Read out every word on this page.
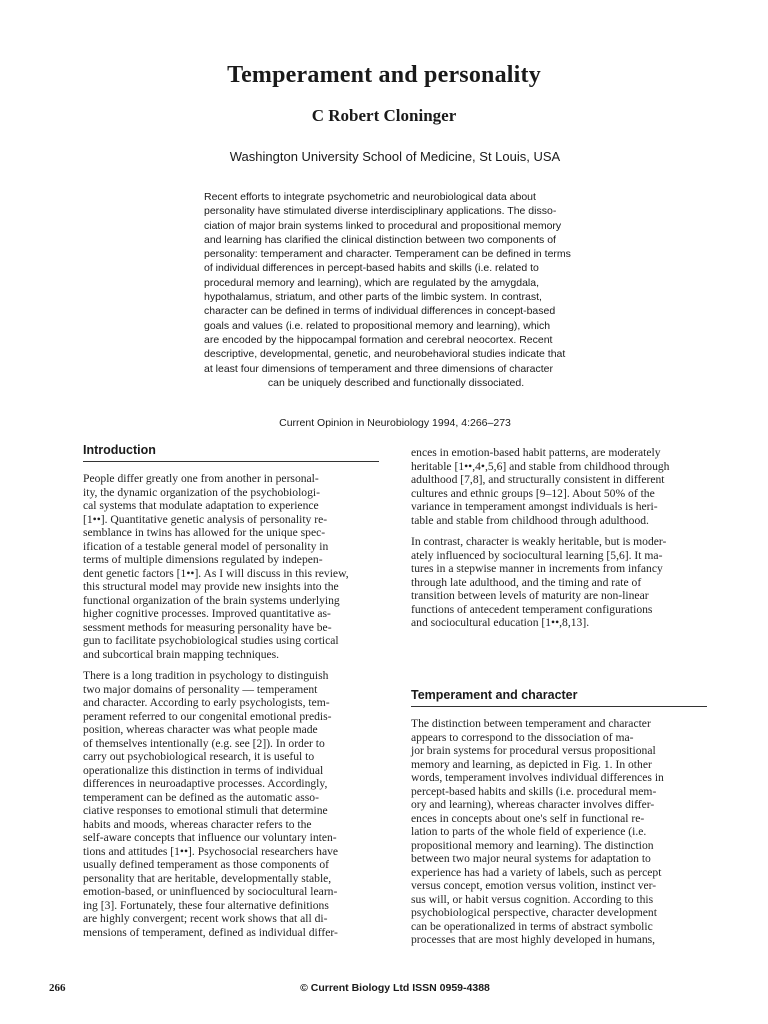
Temperament and personality
C Robert Cloninger
Washington University School of Medicine, St Louis, USA
Recent efforts to integrate psychometric and neurobiological data about
personality have stimulated diverse interdisciplinary applications. The disso-
ciation of major brain systems linked to procedural and propositional memory
and learning has clarified the clinical distinction between two components of
personality: temperament and character. Temperament can be defined in terms
of individual differences in percept-based habits and skills (i.e. related to
procedural memory and learning), which are regulated by the amygdala,
hypothalamus, striatum, and other parts of the limbic system. In contrast,
character can be defined in terms of individual differences in concept-based
goals and values (i.e. related to propositional memory and learning), which
are encoded by the hippocampal formation and cerebral neocortex. Recent
descriptive, developmental, genetic, and neurobehavioral studies indicate that
at least four dimensions of temperament and three dimensions of character
can be uniquely described and functionally dissociated.
Current Opinion in Neurobiology 1994, 4:266–273
Introduction
People differ greatly one from another in personal-
ity, the dynamic organization of the psychobiologi-
cal systems that modulate adaptation to experience
[1••]. Quantitative genetic analysis of personality re-
semblance in twins has allowed for the unique spec-
ification of a testable general model of personality in
terms of multiple dimensions regulated by indepen-
dent genetic factors [1••]. As I will discuss in this review,
this structural model may provide new insights into the
functional organization of the brain systems underlying
higher cognitive processes. Improved quantitative as-
sessment methods for measuring personality have be-
gun to facilitate psychobiological studies using cortical
and subcortical brain mapping techniques.
There is a long tradition in psychology to distinguish
two major domains of personality — temperament
and character. According to early psychologists, tem-
perament referred to our congenital emotional predis-
position, whereas character was what people made
of themselves intentionally (e.g. see [2]). In order to
carry out psychobiological research, it is useful to
operationalize this distinction in terms of individual
differences in neuroadaptive processes. Accordingly,
temperament can be defined as the automatic asso-
ciative responses to emotional stimuli that determine
habits and moods, whereas character refers to the
self-aware concepts that influence our voluntary inten-
tions and attitudes [1••]. Psychosocial researchers have
usually defined temperament as those components of
personality that are heritable, developmentally stable,
emotion-based, or uninfluenced by sociocultural learn-
ing [3]. Fortunately, these four alternative definitions
are highly convergent; recent work shows that all di-
mensions of temperament, defined as individual differ-
ences in emotion-based habit patterns, are moderately
heritable [1••,4•,5,6] and stable from childhood through
adulthood [7,8], and structurally consistent in different
cultures and ethnic groups [9–12]. About 50% of the
variance in temperament amongst individuals is heri-
table and stable from childhood through adulthood.
In contrast, character is weakly heritable, but is moder-
ately influenced by sociocultural learning [5,6]. It ma-
tures in a stepwise manner in increments from infancy
through late adulthood, and the timing and rate of
transition between levels of maturity are non-linear
functions of antecedent temperament configurations
and sociocultural education [1••,8,13].
Temperament and character
The distinction between temperament and character
appears to correspond to the dissociation of ma-
jor brain systems for procedural versus propositional
memory and learning, as depicted in Fig. 1. In other
words, temperament involves individual differences in
percept-based habits and skills (i.e. procedural mem-
ory and learning), whereas character involves differ-
ences in concepts about one's self in functional re-
lation to parts of the whole field of experience (i.e.
propositional memory and learning). The distinction
between two major neural systems for adaptation to
experience has had a variety of labels, such as percept
versus concept, emotion versus volition, instinct ver-
sus will, or habit versus cognition. According to this
psychobiological perspective, character development
can be operationalized in terms of abstract symbolic
processes that are most highly developed in humans,
266	© Current Biology Ltd ISSN 0959-4388
